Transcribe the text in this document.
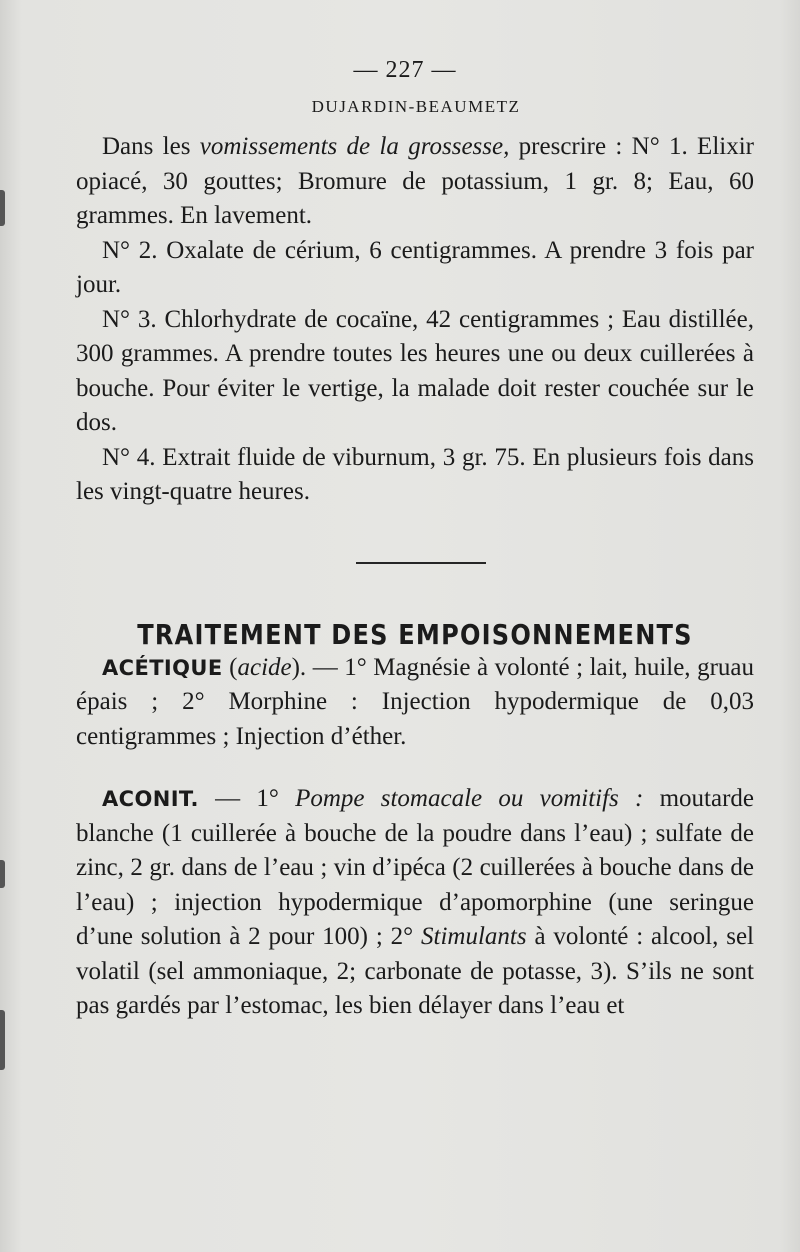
— 227 —
DUJARDIN-BEAUMETZ

Dans les vomissements de la grossesse, prescrire : N° 1. Elixir opiacé, 30 gouttes; Bromure de potassium, 1 gr. 8; Eau, 60 grammes. En lavement.

N° 2. Oxalate de cérium, 6 centigrammes. A prendre 3 fois par jour.

N° 3. Chlorhydrate de cocaïne, 42 centigrammes ; Eau distillée, 300 grammes. A prendre toutes les heures une ou deux cuillerées à bouche. Pour éviter le vertige, la malade doit rester couchée sur le dos.

N° 4. Extrait fluide de viburnum, 3 gr. 75. En plusieurs fois dans les vingt-quatre heures.

TRAITEMENT DES EMPOISONNEMENTS

ACÉTIQUE (acide). — 1° Magnésie à volonté ; lait, huile, gruau épais ; 2° Morphine : Injection hypodermique de 0,03 centigrammes ; Injection d’éther.

ACONIT. — 1° Pompe stomacale ou vomitifs : moutarde blanche (1 cuillerée à bouche de la poudre dans l’eau) ; sulfate de zinc, 2 gr. dans de l’eau ; vin d’ipéca (2 cuillerées à bouche dans de l’eau) ; injection hypodermique d’apomorphine (une seringue d’une solution à 2 pour 100) ; 2° Stimulants à volonté : alcool, sel volatil (sel ammoniaque, 2; carbonate de potasse, 3). S’ils ne sont pas gardés par l’estomac, les bien délayer dans l’eau et
